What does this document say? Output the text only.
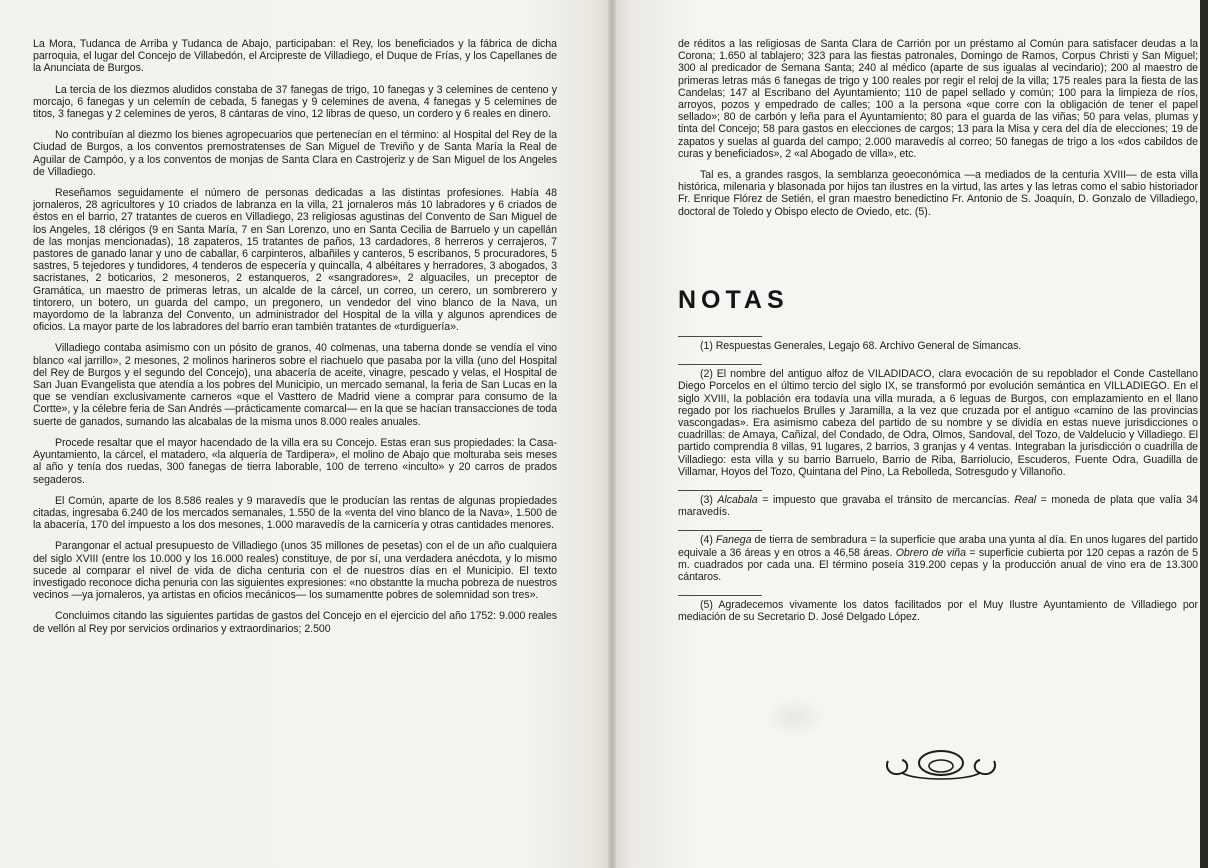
La Mora, Tudanca de Arriba y Tudanca de Abajo, participaban: el Rey, los beneficiados y la fábrica de dicha parroquia, el lugar del Concejo de Villabedón, el Arcipreste de Villadiego, el Duque de Frías, y los Capellanes de la Anunciata de Burgos.

La tercia de los diezmos aludidos constaba de 37 fanegas de trigo, 10 fanegas y 3 celemines de centeno y morcajo, 6 fanegas y un celemín de cebada, 5 fanegas y 9 celemines de avena, 4 fanegas y 5 celemines de titos, 3 fanegas y 2 celemines de yeros, 8 cántaras de vino, 12 libras de queso, un cordero y 6 reales en dinero.

No contribuían al diezmo los bienes agropecuarios que pertenecían en el término: al Hospital del Rey de la Ciudad de Burgos, a los conventos premostratenses de San Miguel de Treviño y de Santa María la Real de Aguilar de Campóo, y a los conventos de monjas de Santa Clara en Castrojeriz y de San Miguel de los Angeles de Villadiego.

Reseñamos seguidamente el número de personas dedicadas a las distintas profesiones. Había 48 jornaleros, 28 agricultores y 10 criados de labranza en la villa, 21 jornaleros más 10 labradores y 6 criados de éstos en el barrio, 27 tratantes de cueros en Villadiego, 23 religiosas agustinas del Convento de San Miguel de los Angeles, 18 clérigos (9 en Santa María, 7 en San Lorenzo, uno en Santa Cecilia de Barruelo y un capellán de las monjas mencionadas), 18 zapateros, 15 tratantes de paños, 13 cardadores, 8 herreros y cerrajeros, 7 pastores de ganado lanar y uno de caballar, 6 carpinteros, albañiles y canteros, 5 escribanos, 5 procuradores, 5 sastres, 5 tejedores y tundidores, 4 tenderos de especería y quincalla, 4 albéitares y herradores, 3 abogados, 3 sacristanes, 2 boticarios, 2 mesoneros, 2 estanqueros, 2 «sangradores», 2 alguaciles, un preceptor de Gramática, un maestro de primeras letras, un alcalde de la cárcel, un correo, un cerero, un sombrerero y tintorero, un botero, un guarda del campo, un pregonero, un vendedor del vino blanco de la Nava, un mayordomo de la labranza del Convento, un administrador del Hospital de la villa y algunos aprendices de oficios. La mayor parte de los labradores del barrio eran también tratantes de «turdiguería».

Villadiego contaba asimismo con un pósito de granos, 40 colmenas, una taberna donde se vendía el vino blanco «al jarrillo», 2 mesones, 2 molinos harineros sobre el riachuelo que pasaba por la villa (uno del Hospital del Rey de Burgos y el segundo del Concejo), una abacería de aceite, vinagre, pescado y velas, el Hospital de San Juan Evangelista que atendía a los pobres del Municipio, un mercado semanal, la feria de San Lucas en la que se vendían exclusivamente carneros «que el Vasttero de Madrid viene a comprar para consumo de la Cortte», y la célebre feria de San Andrés —prácticamente comarcal— en la que se hacían transacciones de toda suerte de ganados, sumando las alcabalas de la misma unos 8.000 reales anuales.

Procede resaltar que el mayor hacendado de la villa era su Concejo. Estas eran sus propiedades: la Casa-Ayuntamiento, la cárcel, el matadero, «la alquería de Tardipera», el molino de Abajo que molturaba seis meses al año y tenía dos ruedas, 300 fanegas de tierra laborable, 100 de terreno «inculto» y 20 carros de prados segaderos.

El Común, aparte de los 8.586 reales y 9 maravedís que le producían las rentas de algunas propiedades citadas, ingresaba 6.240 de los mercados semanales, 1.550 de la «venta del vino blanco de la Nava», 1.500 de la abacería, 170 del impuesto a los dos mesones, 1.000 maravedís de la carnicería y otras cantidades menores.

Parangonar el actual presupuesto de Villadiego (unos 35 millones de pesetas) con el de un año cualquiera del siglo XVIII (entre los 10.000 y los 16.000 reales) constituye, de por sí, una verdadera anécdota, y lo mismo sucede al comparar el nivel de vida de dicha centuria con el de nuestros días en el Municipio. El texto investigado reconoce dicha penuria con las siguientes expresiones: «no obstantte la mucha pobreza de nuestros vecinos —ya jornaleros, ya artistas en oficios mecánicos— los sumamentte pobres de solemnidad son tres».

Concluimos citando las siguientes partidas de gastos del Concejo en el ejercicio del año 1752: 9.000 reales de vellón al Rey por servicios ordinarios y extraordinarios; 2.500

de réditos a las religiosas de Santa Clara de Carrión por un préstamo al Común para satisfacer deudas a la Corona; 1.650 al tablajero; 323 para las fiestas patronales, Domingo de Ramos, Corpus Christi y San Miguel; 300 al predicador de Semana Santa; 240 al médico (aparte de sus igualas al vecindario); 200 al maestro de primeras letras más 6 fanegas de trigo y 100 reales por regir el reloj de la villa; 175 reales para la fiesta de las Candelas; 147 al Escribano del Ayuntamiento; 110 de papel sellado y común; 100 para la limpieza de ríos, arroyos, pozos y empedrado de calles; 100 a la persona «que corre con la obligación de tener el papel sellado»; 80 de carbón y leña para el Ayuntamiento; 80 para el guarda de las viñas; 50 para velas, plumas y tinta del Concejo; 58 para gastos en elecciones de cargos; 13 para la Misa y cera del día de elecciones; 19 de zapatos y suelas al guarda del campo; 2.000 maravedís al correo; 50 fanegas de trigo a los «dos cabildos de curas y beneficiados», 2 «al Abogado de villa», etc.

Tal es, a grandes rasgos, la semblanza geoeconómica —a mediados de la centuria XVIII— de esta villa histórica, milenaria y blasonada por hijos tan ilustres en la virtud, las artes y las letras como el sabio historiador Fr. Enrique Flórez de Setién, el gran maestro benedictino Fr. Antonio de S. Joaquín, D. Gonzalo de Villadiego, doctoral de Toledo y Obispo electo de Oviedo, etc. (5).

NOTAS

(1) Respuestas Generales, Legajo 68. Archivo General de Simancas.

(2) El nombre del antiguo alfoz de VILADIDACO, clara evocación de su repoblador el Conde Castellano Diego Porcelos en el último tercio del siglo IX, se transformó por evolución semántica en VILLADIEGO. En el siglo XVIII, la población era todavía una villa murada, a 6 leguas de Burgos, con emplazamiento en el llano regado por los riachuelos Brulles y Jaramilla, a la vez que cruzada por el antiguo «camino de las provincias vascongadas». Era asimismo cabeza del partido de su nombre y se dividía en estas nueve jurisdicciones o cuadrillas: de Amaya, Cañizal, del Condado, de Odra, Olmos, Sandoval, del Tozo, de Valdelucio y Villadiego. El partido comprendía 8 villas, 91 lugares, 2 barrios, 3 granjas y 4 ventas. Integraban la jurisdicción o cuadrilla de Villadiego: esta villa y su barrio Barruelo, Barrio de Riba, Barriolucio, Escuderos, Fuente Odra, Guadilla de Villamar, Hoyos del Tozo, Quintana del Pino, La Rebolleda, Sotresgudo y Villanoño.

(3) Alcabala = impuesto que gravaba el tránsito de mercancías. Real = moneda de plata que valía 34 maravedís.

(4) Fanega de tierra de sembradura = la superficie que araba una yunta al día. En unos lugares del partido equivale a 36 áreas y en otros a 46,58 áreas. Obrero de viña = superficie cubierta por 120 cepas a razón de 5 m. cuadrados por cada una. El término poseía 319.200 cepas y la producción anual de vino era de 13.300 cántaros.

(5) Agradecemos vivamente los datos facilitados por el Muy Ilustre Ayuntamiento de Villadiego por mediación de su Secretario D. José Delgado López.
